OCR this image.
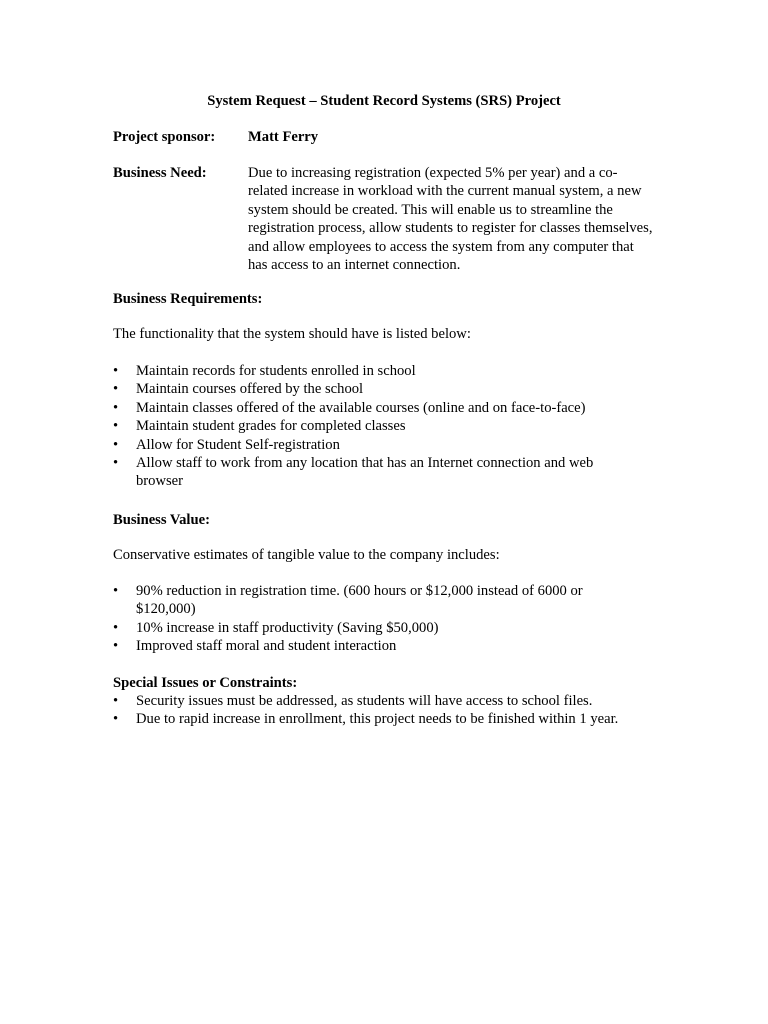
System Request – Student Record Systems (SRS) Project
Project sponsor: Matt Ferry
Business Need:	Due to increasing registration (expected 5% per year) and a co-related increase in workload with the current manual system, a new system should be created. This will enable us to streamline the registration process, allow students to register for classes themselves, and allow employees to access the system from any computer that has access to an internet connection.
Business Requirements:
The functionality that the system should have is listed below:
• Maintain records for students enrolled in school
• Maintain courses offered by the school
• Maintain classes offered of the available courses (online and on face-to-face)
• Maintain student grades for completed classes
• Allow for Student Self-registration
• Allow staff to work from any location that has an Internet connection and web browser
Business Value:
Conservative estimates of tangible value to the company includes:
• 90% reduction in registration time. (600 hours or $12,000 instead of 6000 or $120,000)
• 10% increase in staff productivity (Saving $50,000)
• Improved staff moral and student interaction
Special Issues or Constraints:
• Security issues must be addressed, as students will have access to school files.
• Due to rapid increase in enrollment, this project needs to be finished within 1 year.
